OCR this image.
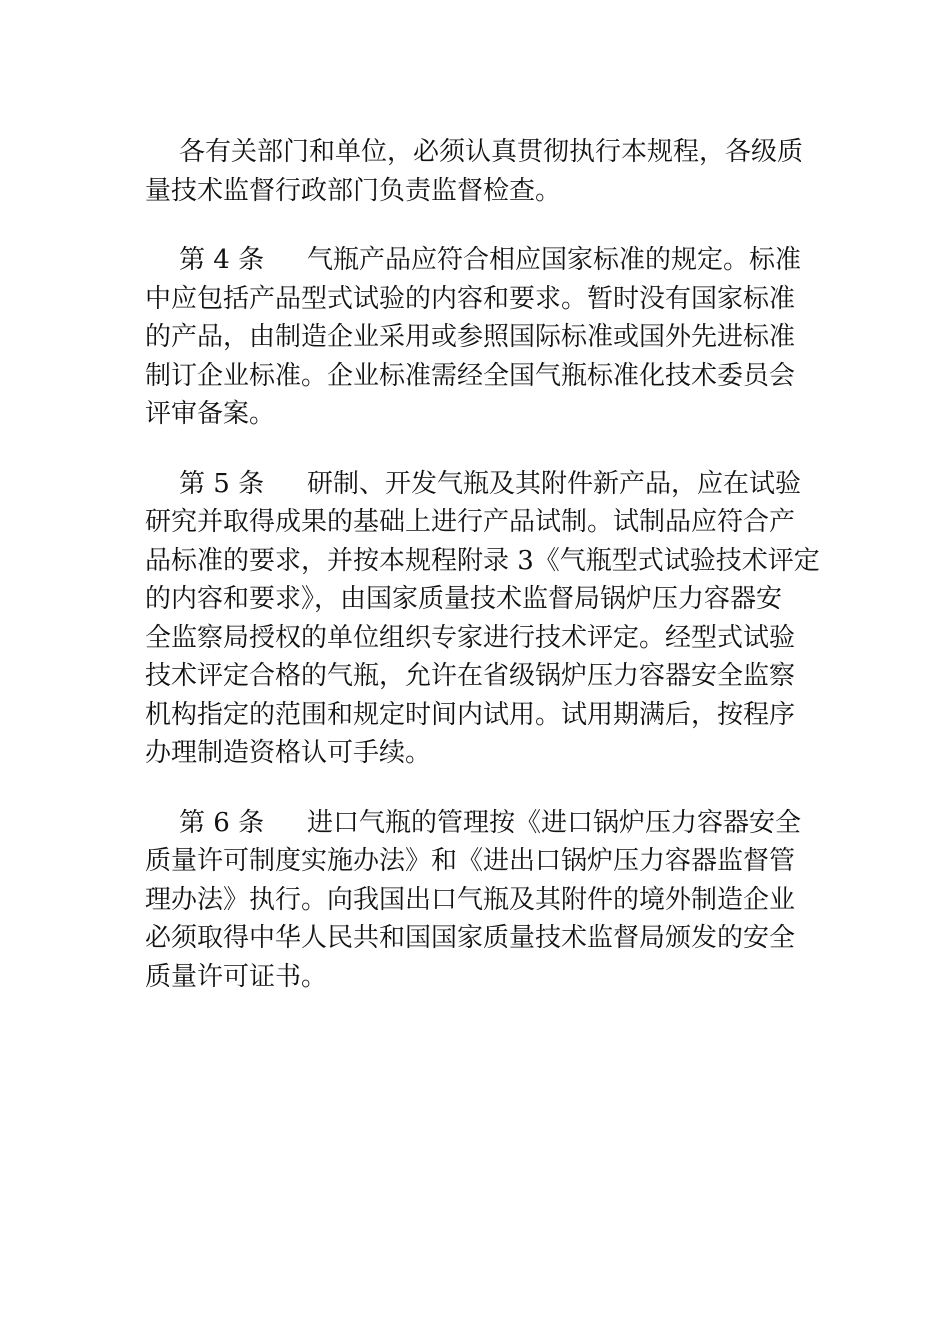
各有关部门和单位，必须认真贯彻执行本规程，各级质
量技术监督行政部门负责监督检查。
第 4 条 气瓶产品应符合相应国家标准的规定。标准
中应包括产品型式试验的内容和要求。暂时没有国家标准
的产品，由制造企业采用或参照国际标准或国外先进标准
制订企业标准。企业标准需经全国气瓶标准化技术委员会
评审备案。
第 5 条 研制、开发气瓶及其附件新产品，应在试验
研究并取得成果的基础上进行产品试制。试制品应符合产
品标准的要求，并按本规程附录 3《气瓶型式试验技术评定
的内容和要求》，由国家质量技术监督局锅炉压力容器安
全监察局授权的单位组织专家进行技术评定。经型式试验
技术评定合格的气瓶，允许在省级锅炉压力容器安全监察
机构指定的范围和规定时间内试用。试用期满后，按程序
办理制造资格认可手续。
第 6 条 进口气瓶的管理按《进口锅炉压力容器安全
质量许可制度实施办法》和《进出口锅炉压力容器监督管
理办法》执行。向我国出口气瓶及其附件的境外制造企业
必须取得中华人民共和国国家质量技术监督局颁发的安全
质量许可证书。
